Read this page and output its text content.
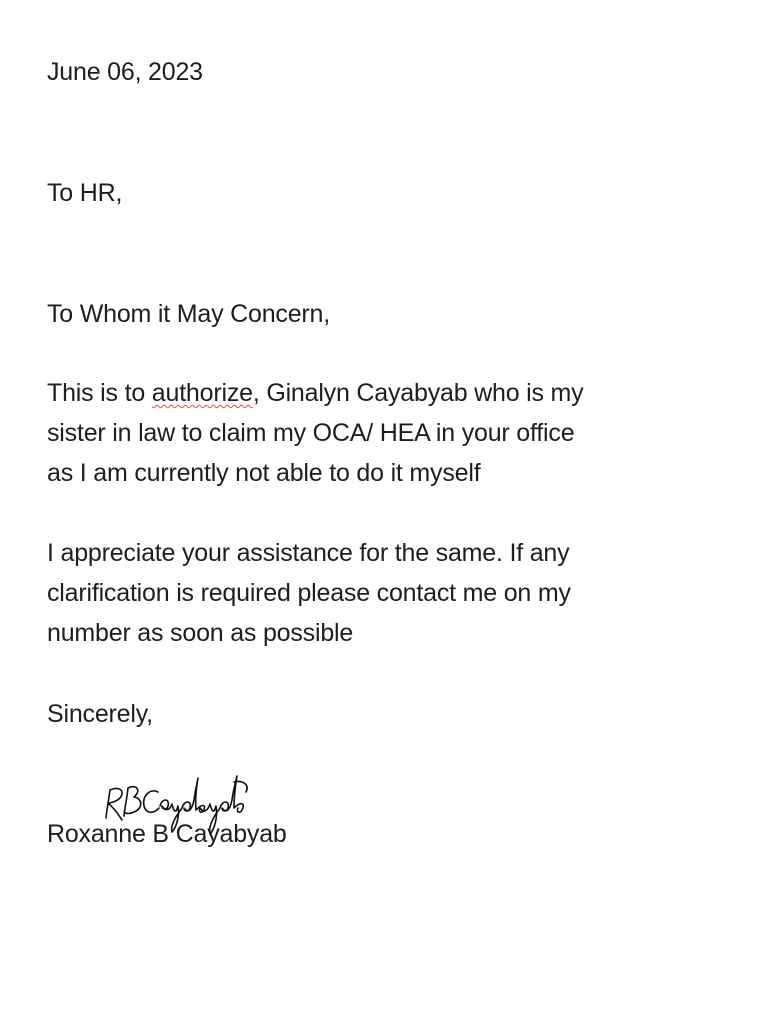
June 06, 2023
To HR,
To Whom it May Concern,
This is to authorize, Ginalyn Cayabyab who is my
sister in law to claim my OCA/ HEA in your office
as I am currently not able to do it myself
I appreciate your assistance for the same. If any
clarification is required please contact me on my
number as soon as possible
Sincerely,
Roxanne B Cayabyab
